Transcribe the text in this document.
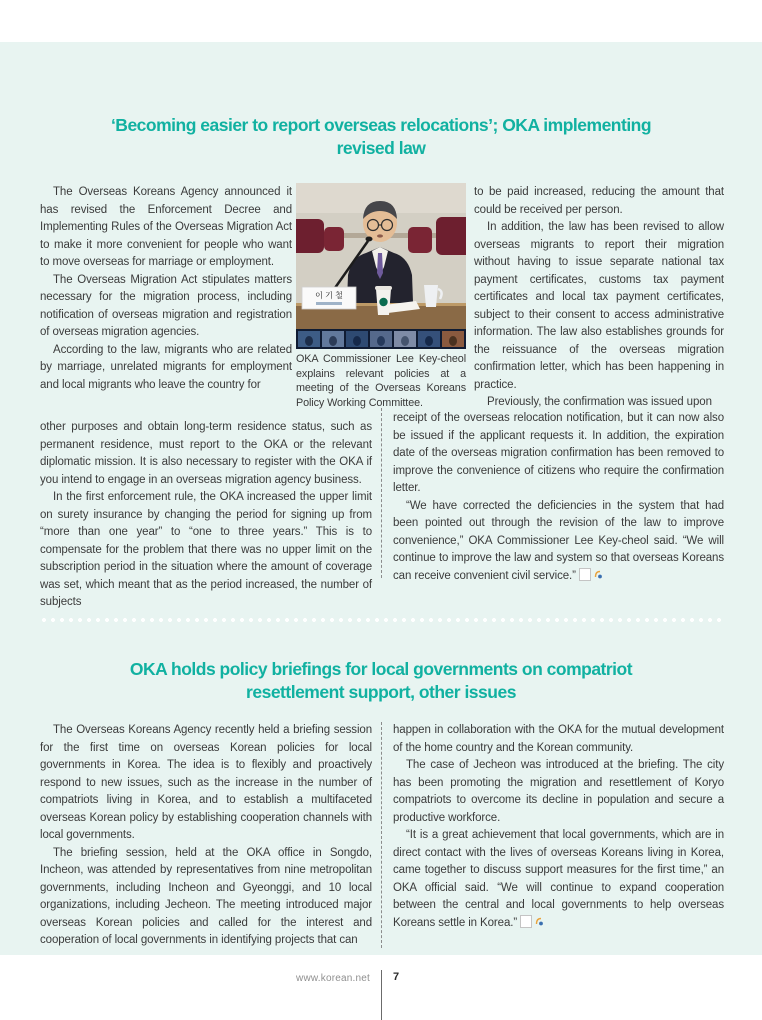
‘Becoming easier to report overseas relocations’; OKA implementing
revised law

The Overseas Koreans Agency announced it has revised the Enforcement Decree and Implementing Rules of the Overseas Migration Act to make it more convenient for people who want to move overseas for marriage or employment.

The Overseas Migration Act stipulates matters necessary for the migration process, including notification of overseas migration and registration of overseas migration agencies.

According to the law, migrants who are related by marriage, unrelated migrants for employment and local migrants who leave the country for

이 기 철
OKA Commissioner Lee Key-cheol explains relevant policies at a meeting of the Overseas Koreans Policy Working Committee.

to be paid increased, reducing the amount that could be received per person.

In addition, the law has been revised to allow overseas migrants to report their migration without having to issue separate national tax payment certificates, customs tax payment certificates and local tax payment certificates, subject to their consent to access administrative information. The law also establishes grounds for the reissuance of the overseas migration confirmation letter, which has been happening in practice.

Previously, the confirmation was issued upon

other purposes and obtain long-term residence status, such as permanent residence, must report to the OKA or the relevant diplomatic mission. It is also necessary to register with the OKA if you intend to engage in an overseas migration agency business.

In the first enforcement rule, the OKA increased the upper limit on surety insurance by changing the period for signing up from “more than one year” to “one to three years.” This is to compensate for the problem that there was no upper limit on the subscription period in the situation where the amount of coverage was set, which meant that as the period increased, the number of subjects

receipt of the overseas relocation notification, but it can now also be issued if the applicant requests it. In addition, the expiration date of the overseas migration confirmation has been removed to improve the convenience of citizens who require the confirmation letter.

“We have corrected the deficiencies in the system that had been pointed out through the revision of the law to improve convenience,” OKA Commissioner Lee Key-cheol said. “We will continue to improve the law and system so that overseas Koreans can receive convenient civil service.”

OKA holds policy briefings for local governments on compatriot
resettlement support, other issues

The Overseas Koreans Agency recently held a briefing session for the first time on overseas Korean policies for local governments in Korea. The idea is to flexibly and proactively respond to new issues, such as the increase in the number of compatriots living in Korea, and to establish a multifaceted overseas Korean policy by establishing cooperation channels with local governments.

The briefing session, held at the OKA office in Songdo, Incheon, was attended by representatives from nine metropolitan governments, including Incheon and Gyeonggi, and 10 local organizations, including Jecheon. The meeting introduced major overseas Korean policies and called for the interest and cooperation of local governments in identifying projects that can

happen in collaboration with the OKA for the mutual development of the home country and the Korean community.

The case of Jecheon was introduced at the briefing. The city has been promoting the migration and resettlement of Koryo compatriots to overcome its decline in population and secure a productive workforce.

“It is a great achievement that local governments, which are in direct contact with the lives of overseas Koreans living in Korea, came together to discuss support measures for the first time,” an OKA official said. “We will continue to expand cooperation between the central and local governments to help overseas Koreans settle in Korea.”

www.korean.net 7
